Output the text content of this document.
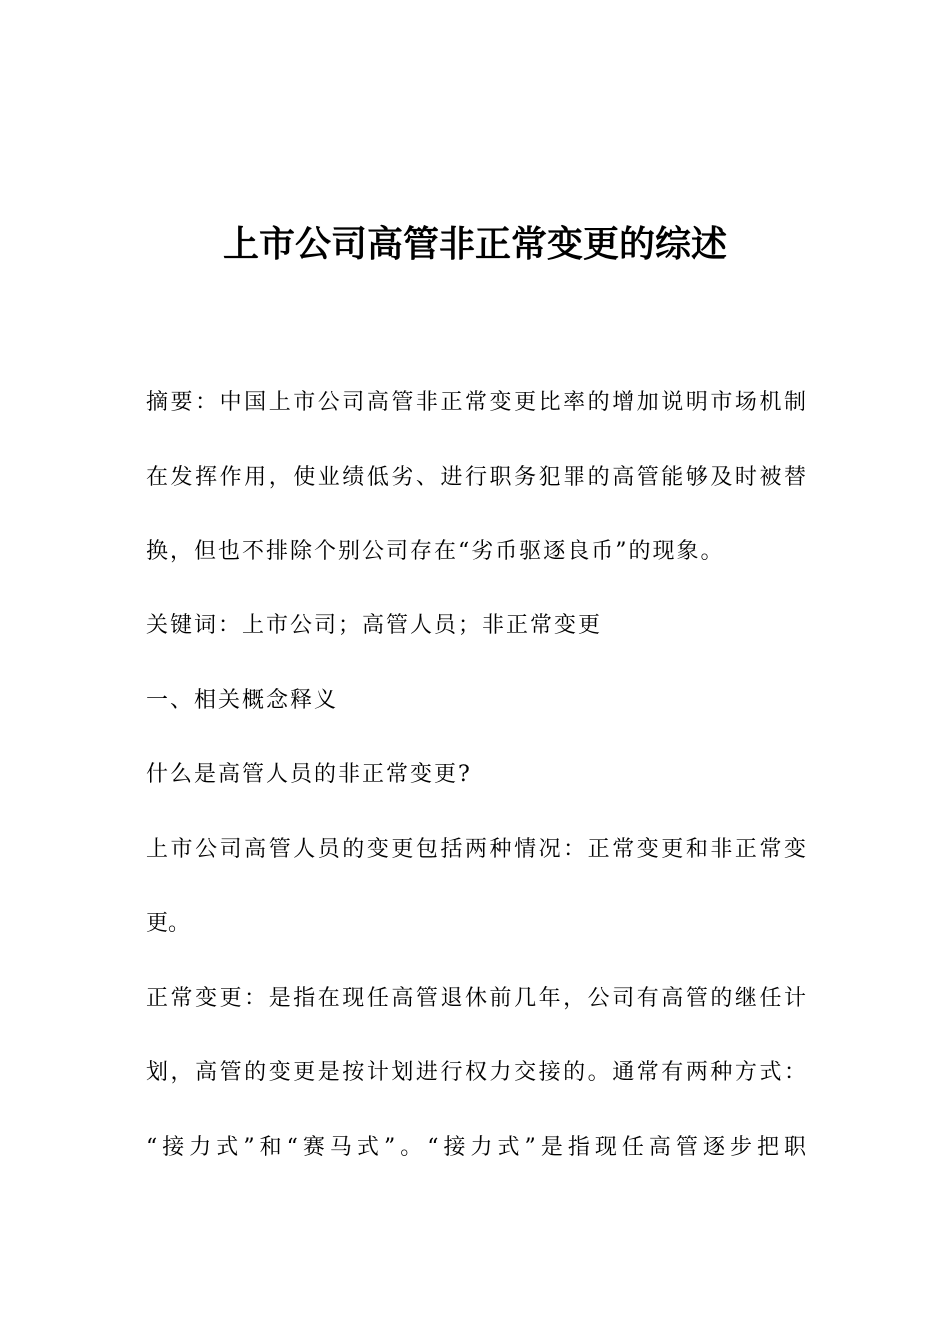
上市公司高管非正常变更的综述

摘要：中国上市公司高管非正常变更比率的增加说明市场机制

在发挥作用，使业绩低劣、进行职务犯罪的高管能够及时被替

换，但也不排除个别公司存在“劣币驱逐良币”的现象。

关键词：上市公司；高管人员；非正常变更

一、相关概念释义

什么是高管人员的非正常变更?

上市公司高管人员的变更包括两种情况：正常变更和非正常变

更。

正常变更：是指在现任高管退休前几年，公司有高管的继任计

划，高管的变更是按计划进行权力交接的。通常有两种方式：

“接力式”和“赛马式”。“接力式”是指现任高管逐步把职
